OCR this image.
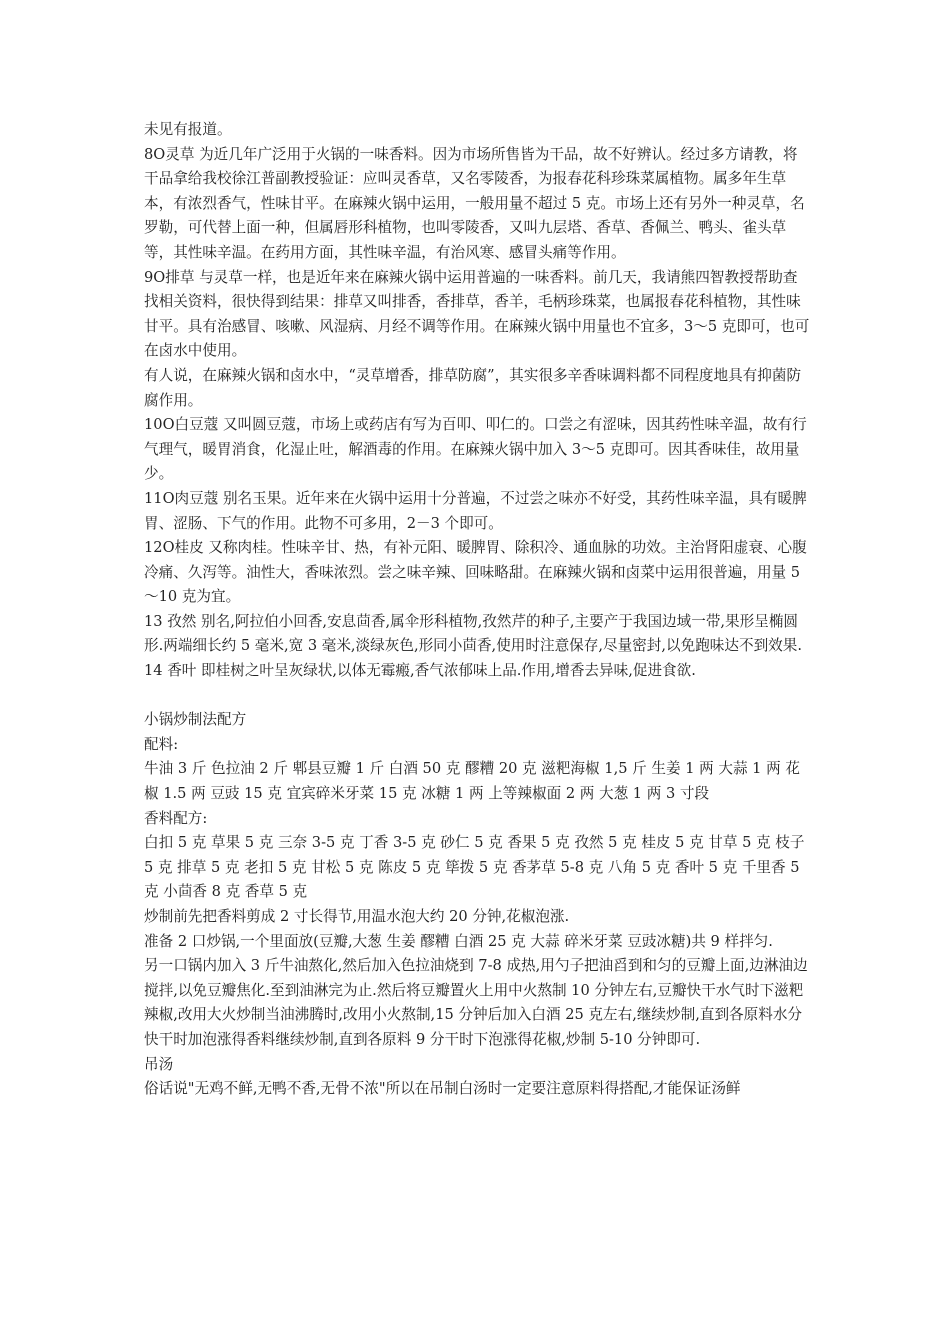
未见有报道。

8O灵草 为近几年广泛用于火锅的一味香料。因为市场所售皆为干品，故不好辨认。经过多方请教，将干品拿给我校徐江普副教授验证：应叫灵香草，又名零陵香，为报春花科珍珠菜属植物。属多年生草本，有浓烈香气，性味甘平。在麻辣火锅中运用，一般用量不超过 5 克。市场上还有另外一种灵草，名罗勒，可代替上面一种，但属唇形科植物，也叫零陵香，又叫九层塔、香草、香佩兰、鸭头、雀头草等，其性味辛温。在药用方面，其性味辛温，有治风寒、感冒头痛等作用。

9O排草 与灵草一样，也是近年来在麻辣火锅中运用普遍的一味香料。前几天，我请熊四智教授帮助查找相关资料，很快得到结果：排草又叫排香，香排草，香羊，毛柄珍珠菜，也属报春花科植物，其性味甘平。具有治感冒、咳嗽、风湿病、月经不调等作用。在麻辣火锅中用量也不宜多，3～5 克即可，也可在卤水中使用。

有人说，在麻辣火锅和卤水中，“灵草增香，排草防腐”，其实很多辛香味调料都不同程度地具有抑菌防腐作用。

10O白豆蔻 又叫圆豆蔻，市场上或药店有写为百叩、叩仁的。口尝之有涩味，因其药性味辛温，故有行气理气，暖胃消食，化湿止吐，解酒毒的作用。在麻辣火锅中加入 3～5 克即可。因其香味佳，故用量少。

11O肉豆蔻 别名玉果。近年来在火锅中运用十分普遍，不过尝之味亦不好受，其药性味辛温，具有暖脾胃、涩肠、下气的作用。此物不可多用，2－3 个即可。

12O桂皮 又称肉桂。性味辛甘、热，有补元阳、暖脾胃、除积冷、通血脉的功效。主治肾阳虚衰、心腹冷痛、久泻等。油性大，香味浓烈。尝之味辛辣、回味略甜。在麻辣火锅和卤菜中运用很普遍，用量 5～10 克为宜。

13 孜然 别名,阿拉伯小回香,安息茴香,属伞形科植物,孜然芹的种子,主要产于我国边域一带,果形呈椭圆形.两端细长约 5 毫米,宽 3 毫米,淡绿灰色,形同小茴香,使用时注意保存,尽量密封,以免跑味达不到效果.

14 香叶 即桂树之叶呈灰绿状,以体无霉瘢,香气浓郁味上品.作用,增香去异味,促进食欲.

小锅炒制法配方

配料:

牛油 3 斤 色拉油 2 斤 郫县豆瓣 1 斤 白酒 50 克 醪糟 20 克 滋粑海椒 1,5 斤 生姜 1 两 大蒜 1 两 花椒 1.5 两 豆豉 15 克 宜宾碎米牙菜 15 克 冰糖 1 两 上等辣椒面 2 两 大葱 1 两 3 寸段

香料配方:

白扣 5 克 草果 5 克 三奈 3-5 克 丁香 3-5 克 砂仁 5 克 香果 5 克 孜然 5 克 桂皮 5 克 甘草 5 克 枝子 5 克 排草 5 克 老扣 5 克 甘松 5 克 陈皮 5 克 筚拨 5 克 香茅草 5-8 克 八角 5 克 香叶 5 克 千里香 5 克 小茴香 8 克 香草 5 克

炒制前先把香料剪成 2 寸长得节,用温水泡大约 20 分钟,花椒泡涨.

准备 2 口炒锅,一个里面放(豆瓣,大葱 生姜 醪糟 白酒 25 克 大蒜 碎米牙菜 豆豉冰糖)共 9 样拌匀.

另一口锅内加入 3 斤牛油熬化,然后加入色拉油烧到 7-8 成热,用勺子把油舀到和匀的豆瓣上面,边淋油边搅拌,以免豆瓣焦化.至到油淋完为止.然后将豆瓣置火上用中火熬制 10 分钟左右,豆瓣快干水气时下滋粑辣椒,改用大火炒制当油沸腾时,改用小火熬制,15 分钟后加入白酒 25 克左右,继续炒制,直到各原料水分快干时加泡涨得香料继续炒制,直到各原料 9 分干时下泡涨得花椒,炒制 5-10 分钟即可.

吊汤

俗话说"无鸡不鲜,无鸭不香,无骨不浓"所以在吊制白汤时一定要注意原料得搭配,才能保证汤鲜
